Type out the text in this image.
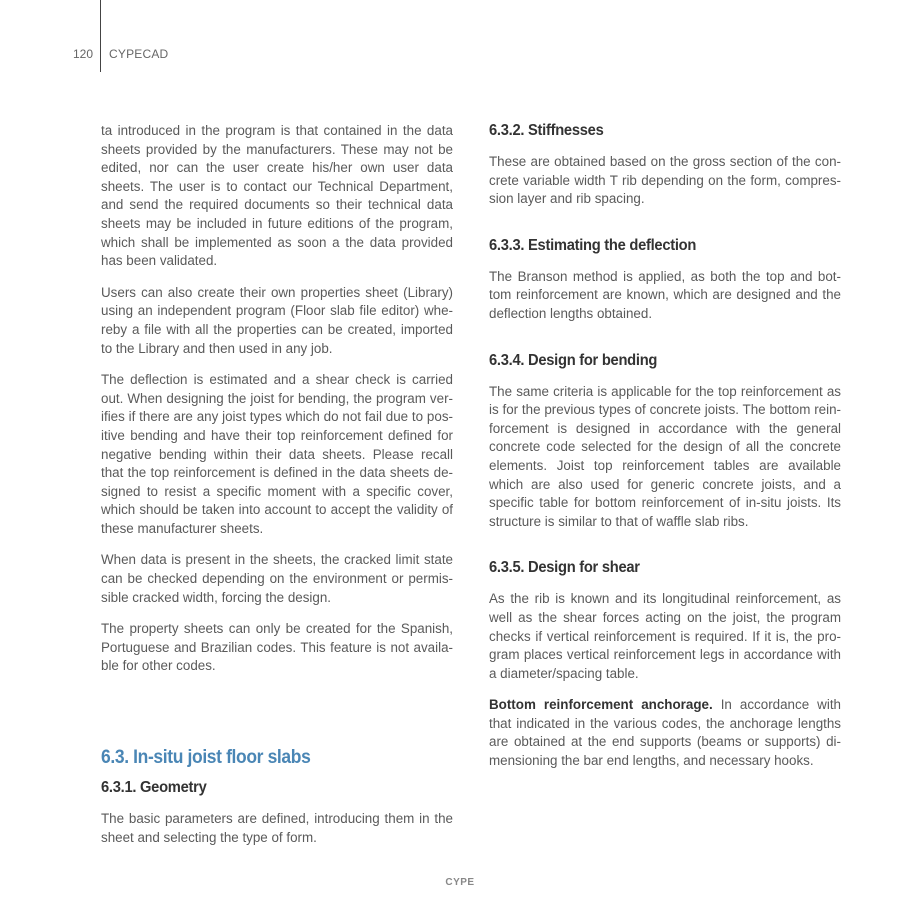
120 CYPECAD

ta introduced in the program is that contained in the data sheets provided by the manufacturers. These may not be edited, nor can the user create his/her own user data sheets. The user is to contact our Technical Department, and send the required documents so their technical data sheets may be included in future editions of the program, which shall be implemented as soon a the data provided has been validated.

Users can also create their own properties sheet (Library) using an independent program (Floor slab file editor) whereby a file with all the properties can be created, imported to the Library and then used in any job.

The deflection is estimated and a shear check is carried out. When designing the joist for bending, the program verifies if there are any joist types which do not fail due to positive bending and have their top reinforcement defined for negative bending within their data sheets. Please recall that the top reinforcement is defined in the data sheets designed to resist a specific moment with a specific cover, which should be taken into account to accept the validity of these manufacturer sheets.

When data is present in the sheets, the cracked limit state can be checked depending on the environment or permissible cracked width, forcing the design.

The property sheets can only be created for the Spanish, Portuguese and Brazilian codes. This feature is not available for other codes.

6.3. In-situ joist floor slabs
6.3.1. Geometry

The basic parameters are defined, introducing them in the sheet and selecting the type of form.

6.3.2. Stiffnesses

These are obtained based on the gross section of the concrete variable width T rib depending on the form, compression layer and rib spacing.

6.3.3. Estimating the deflection

The Branson method is applied, as both the top and bottom reinforcement are known, which are designed and the deflection lengths obtained.

6.3.4. Design for bending

The same criteria is applicable for the top reinforcement as is for the previous types of concrete joists. The bottom reinforcement is designed in accordance with the general concrete code selected for the design of all the concrete elements. Joist top reinforcement tables are available which are also used for generic concrete joists, and a specific table for bottom reinforcement of in-situ joists. Its structure is similar to that of waffle slab ribs.

6.3.5. Design for shear

As the rib is known and its longitudinal reinforcement, as well as the shear forces acting on the joist, the program checks if vertical reinforcement is required. If it is, the program places vertical reinforcement legs in accordance with a diameter/spacing table.

Bottom reinforcement anchorage. In accordance with that indicated in the various codes, the anchorage lengths are obtained at the end supports (beams or supports) dimensioning the bar end lengths, and necessary hooks.

CYPE
